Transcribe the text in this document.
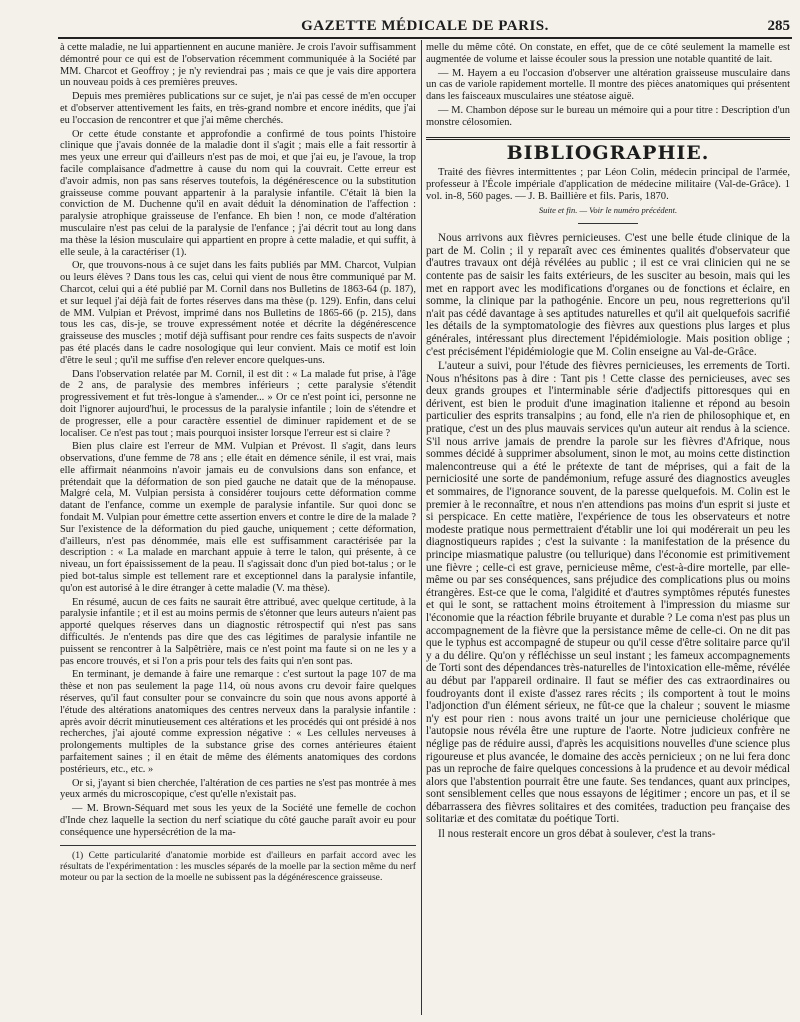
GAZETTE MÉDICALE DE PARIS.	285

à cette maladie, ne lui appartiennent en aucune manière. Je crois l'avoir suffisamment démontré pour ce qui est de l'observation récemment communiquée à la Société par MM. Charcot et Geoffroy ; je n'y reviendrai pas ; mais ce que je vais dire apportera un nouveau poids à ces premières preuves.

Depuis mes premières publications sur ce sujet, je n'ai pas cessé de m'en occuper et d'observer attentivement les faits, en très-grand nombre et encore inédits, que j'ai eu l'occasion de rencontrer et que j'ai même cherchés.

Or cette étude constante et approfondie a confirmé de tous points l'histoire clinique que j'avais donnée de la maladie dont il s'agit ; mais elle a fait ressortir à mes yeux une erreur qui d'ailleurs n'est pas de moi, et que j'ai eu, je l'avoue, la trop facile complaisance d'admettre à cause du nom qui la couvrait. Cette erreur est d'avoir admis, non pas sans réserves toutefois, la dégénérescence ou la substitution graisseuse comme pouvant appartenir à la paralysie infantile. C'était là bien la conviction de M. Duchenne qu'il en avait déduit la dénomination de l'affection : paralysie atrophique graisseuse de l'enfance. Eh bien ! non, ce mode d'altération musculaire n'est pas celui de la paralysie de l'enfance ; j'ai décrit tout au long dans ma thèse la lésion musculaire qui appartient en propre à cette maladie, et qui suffit, à elle seule, à la caractériser (1).

Or, que trouvons-nous à ce sujet dans les faits publiés par MM. Charcot, Vulpian ou leurs élèves ? Dans tous les cas, celui qui vient de nous être communiqué par M. Charcot, celui qui a été publié par M. Cornil dans nos Bulletins de 1863-64 (p. 187), et sur lequel j'ai déjà fait de fortes réserves dans ma thèse (p. 129). Enfin, dans celui de MM. Vulpian et Prévost, imprimé dans nos Bulletins de 1865-66 (p. 215), dans tous les cas, dis-je, se trouve expressément notée et décrite la dégénérescence graisseuse des muscles ; motif déjà suffisant pour rendre ces faits suspects de n'avoir pas été placés dans le cadre nosologique qui leur convient. Mais ce motif est loin d'être le seul ; qu'il me suffise d'en relever encore quelques-uns.

Dans l'observation relatée par M. Cornil, il est dit : « La malade fut prise, à l'âge de 2 ans, de paralysie des membres inférieurs ; cette paralysie s'étendit progressivement et fut très-longue à s'amender... » Or ce n'est point ici, personne ne doit l'ignorer aujourd'hui, le processus de la paralysie infantile ; loin de s'étendre et de progresser, elle a pour caractère essentiel de diminuer rapidement et de se localiser. Ce n'est pas tout ; mais pourquoi insister lorsque l'erreur est si claire ?

Bien plus claire est l'erreur de MM. Vulpian et Prévost. Il s'agit, dans leurs observations, d'une femme de 78 ans ; elle était en démence sénile, il est vrai, mais elle affirmait néanmoins n'avoir jamais eu de convulsions dans son enfance, et prétendait que la déformation de son pied gauche ne datait que de la ménopause. Malgré cela, M. Vulpian persista à considérer toujours cette déformation comme datant de l'enfance, comme un exemple de paralysie infantile. Sur quoi donc se fondait M. Vulpian pour émettre cette assertion envers et contre le dire de la malade ? Sur l'existence de la déformation du pied gauche, uniquement ; cette déformation, d'ailleurs, n'est pas dénommée, mais elle est suffisamment caractérisée par la description : « La malade en marchant appuie à terre le talon, qui présente, à ce niveau, un fort épaississement de la peau. Il s'agissait donc d'un pied bot-talus ; or le pied bot-talus simple est tellement rare et exceptionnel dans la paralysie infantile, qu'on est autorisé à le dire étranger à cette maladie (V. ma thèse).

En résumé, aucun de ces faits ne saurait être attribué, avec quelque certitude, à la paralysie infantile ; et il est au moins permis de s'étonner que leurs auteurs n'aient pas apporté quelques réserves dans un diagnostic rétrospectif qui n'est pas sans difficultés. Je n'entends pas dire que des cas légitimes de paralysie infantile ne puissent se rencontrer à la Salpêtrière, mais ce n'est point ma faute si on ne les y a pas encore trouvés, et si l'on a pris pour tels des faits qui n'en sont pas.

En terminant, je demande à faire une remarque : c'est surtout la page 107 de ma thèse et non pas seulement la page 114, où nous avons cru devoir faire quelques réserves, qu'il faut consulter pour se convaincre du soin que nous avons apporté à l'étude des altérations anatomiques des centres nerveux dans la paralysie infantile : après avoir décrit minutieusement ces altérations et les procédés qui ont présidé à nos recherches, j'ai ajouté comme expression négative : « Les cellules nerveuses à prolongements multiples de la substance grise des cornes antérieures étaient parfaitement saines ; il en était de même des éléments anatomiques des cordons postérieurs, etc., etc. »

Or si, j'ayant si bien cherchée, l'altération de ces parties ne s'est pas montrée à mes yeux armés du microscopique, c'est qu'elle n'existait pas.

— M. Brown-Séquard met sous les yeux de la Société une femelle de cochon d'Inde chez laquelle la section du nerf sciatique du côté gauche paraît avoir eu pour conséquence une hypersécrétion de la ma-

(1) Cette particularité d'anatomie morbide est d'ailleurs en parfait accord avec les résultats de l'expérimentation : les muscles séparés de la moelle par la section même du nerf moteur ou par la section de la moelle ne subissent pas la dégénérescence graisseuse.

melle du même côté. On constate, en effet, que de ce côté seulement la mamelle est augmentée de volume et laisse écouler sous la pression une notable quantité de lait.

— M. Hayem a eu l'occasion d'observer une altération graisseuse musculaire dans un cas de variole rapidement mortelle. Il montre des pièces anatomiques qui présentent dans les faisceaux musculaires une stéatose aiguë.

— M. Chambon dépose sur le bureau un mémoire qui a pour titre : Description d'un monstre célosomien.

BIBLIOGRAPHIE.

Traité des fièvres intermittentes ; par Léon Colin, médecin principal de l'armée, professeur à l'École impériale d'application de médecine militaire (Val-de-Grâce). 1 vol. in-8, 560 pages. — J. B. Baillière et fils. Paris, 1870.

Suite et fin. — Voir le numéro précédent.

Nous arrivons aux fièvres pernicieuses. C'est une belle étude clinique de la part de M. Colin ; il y reparaît avec ces éminentes qualités d'observateur que d'autres travaux ont déjà révélées au public ; il est ce vrai clinicien qui ne se contente pas de saisir les faits extérieurs, de les susciter au besoin, mais qui les met en rapport avec les modifications d'organes ou de fonctions et éclaire, en somme, la clinique par la pathogénie. Encore un peu, nous regretterions qu'il n'ait pas cédé davantage à ses aptitudes naturelles et qu'il ait quelquefois sacrifié les détails de la symptomatologie des fièvres aux questions plus larges et plus générales, intéressant plus directement l'épidémiologie. Mais position oblige ; c'est précisément l'épidémiologie que M. Colin enseigne au Val-de-Grâce.

L'auteur a suivi, pour l'étude des fièvres pernicieuses, les errements de Torti. Nous n'hésitons pas à dire : Tant pis ! Cette classe des pernicieuses, avec ses deux grands groupes et l'interminable série d'adjectifs pittoresques qui en dérivent, est bien le produit d'une imagination italienne et répond au besoin particulier des esprits transalpins ; au fond, elle n'a rien de philosophique et, en pratique, c'est un des plus mauvais services qu'un auteur ait rendus à la science. S'il nous arrive jamais de prendre la parole sur les fièvres d'Afrique, nous sommes décidé à supprimer absolument, sinon le mot, au moins cette distinction malencontreuse qui a été le prétexte de tant de méprises, qui a fait de la perniciosité une sorte de pandémonium, refuge assuré des diagnostics aveugles et sommaires, de l'ignorance souvent, de la paresse quelquefois. M. Colin est le premier à le reconnaître, et nous n'en attendions pas moins d'un esprit si juste et si perspicace. En cette matière, l'expérience de tous les observateurs et notre modeste pratique nous permettraient d'établir une loi qui modérerait un peu les diagnostiqueurs rapides ; c'est la suivante : la manifestation de la présence du principe miasmatique palustre (ou tellurique) dans l'économie est primitivement une fièvre ; celle-ci est grave, pernicieuse même, c'est-à-dire mortelle, par elle-même ou par ses conséquences, sans préjudice des complications plus ou moins étrangères. Est-ce que le coma, l'algidité et d'autres symptômes réputés funestes et qui le sont, se rattachent moins étroitement à l'impression du miasme sur l'économie que la réaction fébrile bruyante et durable ? Le coma n'est pas plus un accompagnement de la fièvre que la persistance même de celle-ci. On ne dit pas que le typhus est accompagné de stupeur ou qu'il cesse d'être solitaire parce qu'il y a du délire. Qu'on y réfléchisse un seul instant ; les fameux accompagnements de Torti sont des dépendances très-naturelles de l'intoxication elle-même, révélée au début par l'appareil ordinaire. Il faut se méfier des cas extraordinaires ou foudroyants dont il existe d'assez rares récits ; ils comportent à tout le moins l'adjonction d'un élément sérieux, ne fût-ce que la chaleur ; souvent le miasme n'y est pour rien : nous avons traité un jour une pernicieuse cholérique que l'autopsie nous révéla être une rupture de l'aorte. Notre judicieux confrère ne néglige pas de réduire aussi, d'après les acquisitions nouvelles d'une science plus rigoureuse et plus avancée, le domaine des accès pernicieux ; on ne lui fera donc pas un reproche de faire quelques concessions à la prudence et au devoir médical alors que l'abstention pourrait être une faute. Ses tendances, quant aux principes, sont sensiblement celles que nous essayons de légitimer ; encore un pas, et il se débarrassera des fièvres solitaires et des comitées, traduction peu française des solitariæ et des comitatæ du poétique Torti.

Il nous resterait encore un gros débat à soulever, c'est la trans-
